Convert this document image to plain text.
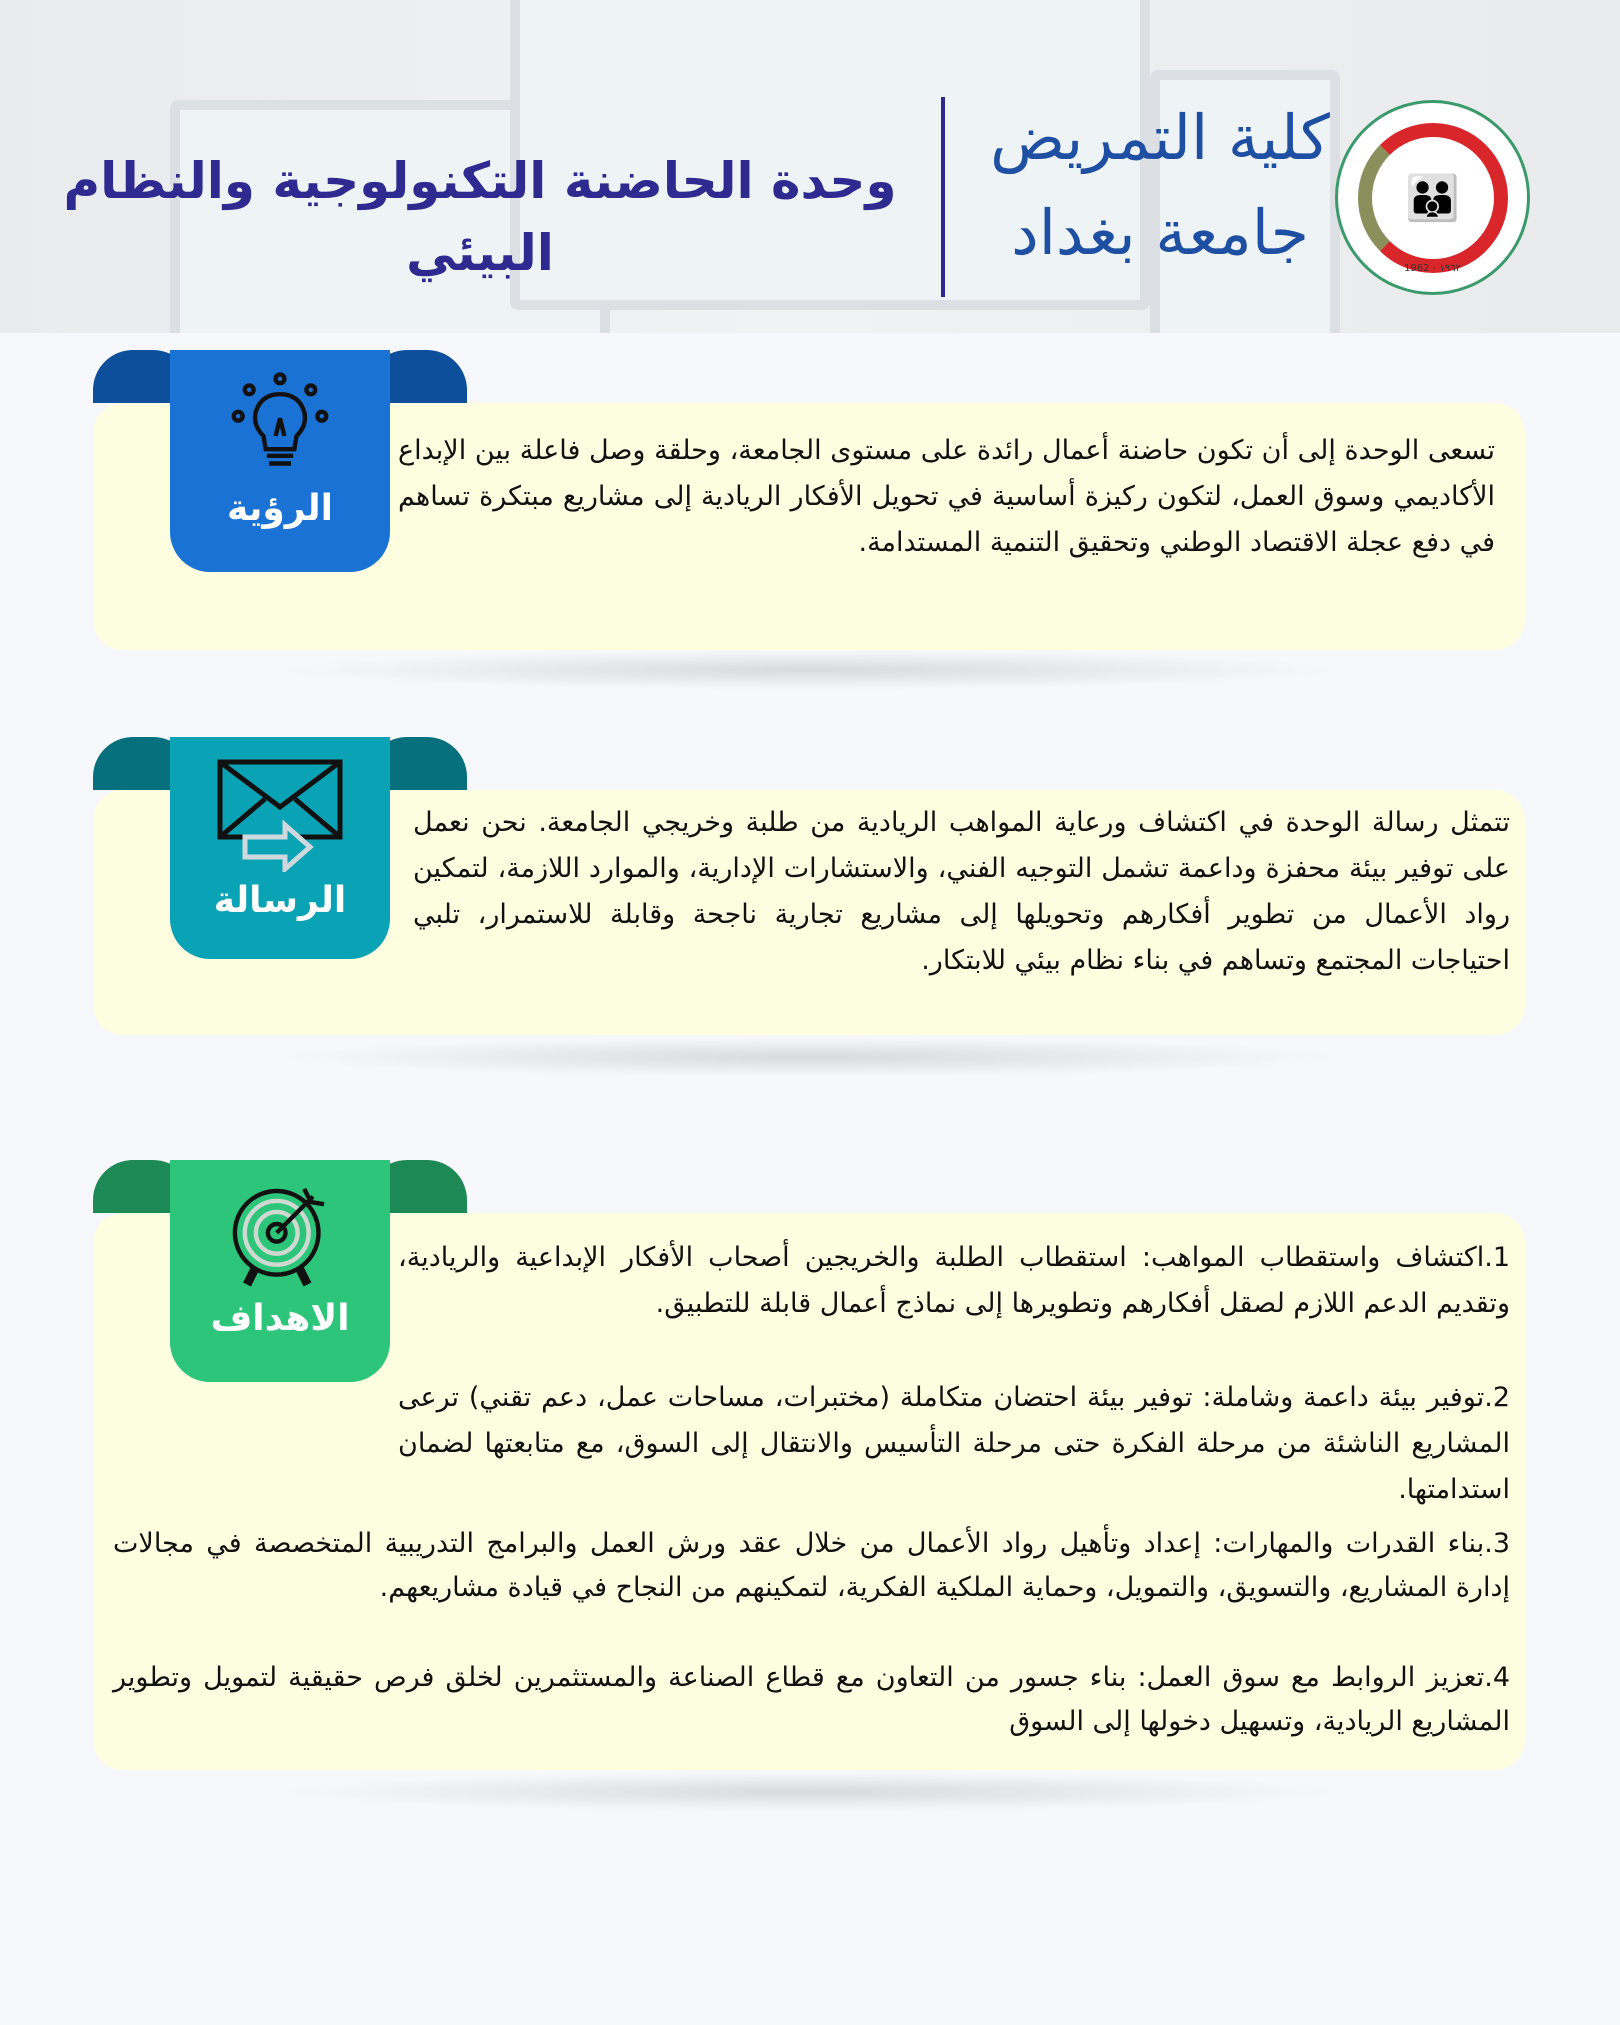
وحدة الحاضنة التكنولوجية والنظام البيئي
كلية التمريض
جامعة بغداد	👪
1962 - ١٩٦٢
الرؤية
تسعى الوحدة إلى أن تكون حاضنة أعمال رائدة على مستوى الجامعة، وحلقة وصل فاعلة بين الإبداع الأكاديمي وسوق العمل، لتكون ركيزة أساسية في تحويل الأفكار الريادية إلى مشاريع مبتكرة تساهم في دفع عجلة الاقتصاد الوطني وتحقيق التنمية المستدامة.
الرسالة
تتمثل رسالة الوحدة في اكتشاف ورعاية المواهب الريادية من طلبة وخريجي الجامعة. نحن نعمل على توفير بيئة محفزة وداعمة تشمل التوجيه الفني، والاستشارات الإدارية، والموارد اللازمة، لتمكين رواد الأعمال من تطوير أفكارهم وتحويلها إلى مشاريع تجارية ناجحة وقابلة للاستمرار، تلبي احتياجات المجتمع وتساهم في بناء نظام بيئي للابتكار.
الاهداف
1.اكتشاف واستقطاب المواهب: استقطاب الطلبة والخريجين أصحاب الأفكار الإبداعية والريادية، وتقديم الدعم اللازم لصقل أفكارهم وتطويرها إلى نماذج أعمال قابلة للتطبيق.
2.توفير بيئة داعمة وشاملة: توفير بيئة احتضان متكاملة (مختبرات، مساحات عمل، دعم تقني) ترعى المشاريع الناشئة من مرحلة الفكرة حتى مرحلة التأسيس والانتقال إلى السوق، مع متابعتها لضمان استدامتها.
3.بناء القدرات والمهارات: إعداد وتأهيل رواد الأعمال من خلال عقد ورش العمل والبرامج التدريبية المتخصصة في مجالات إدارة المشاريع، والتسويق، والتمويل، وحماية الملكية الفكرية، لتمكينهم من النجاح في قيادة مشاريعهم.
4.تعزيز الروابط مع سوق العمل: بناء جسور من التعاون مع قطاع الصناعة والمستثمرين لخلق فرص حقيقية لتمويل وتطوير المشاريع الريادية، وتسهيل دخولها إلى السوق
